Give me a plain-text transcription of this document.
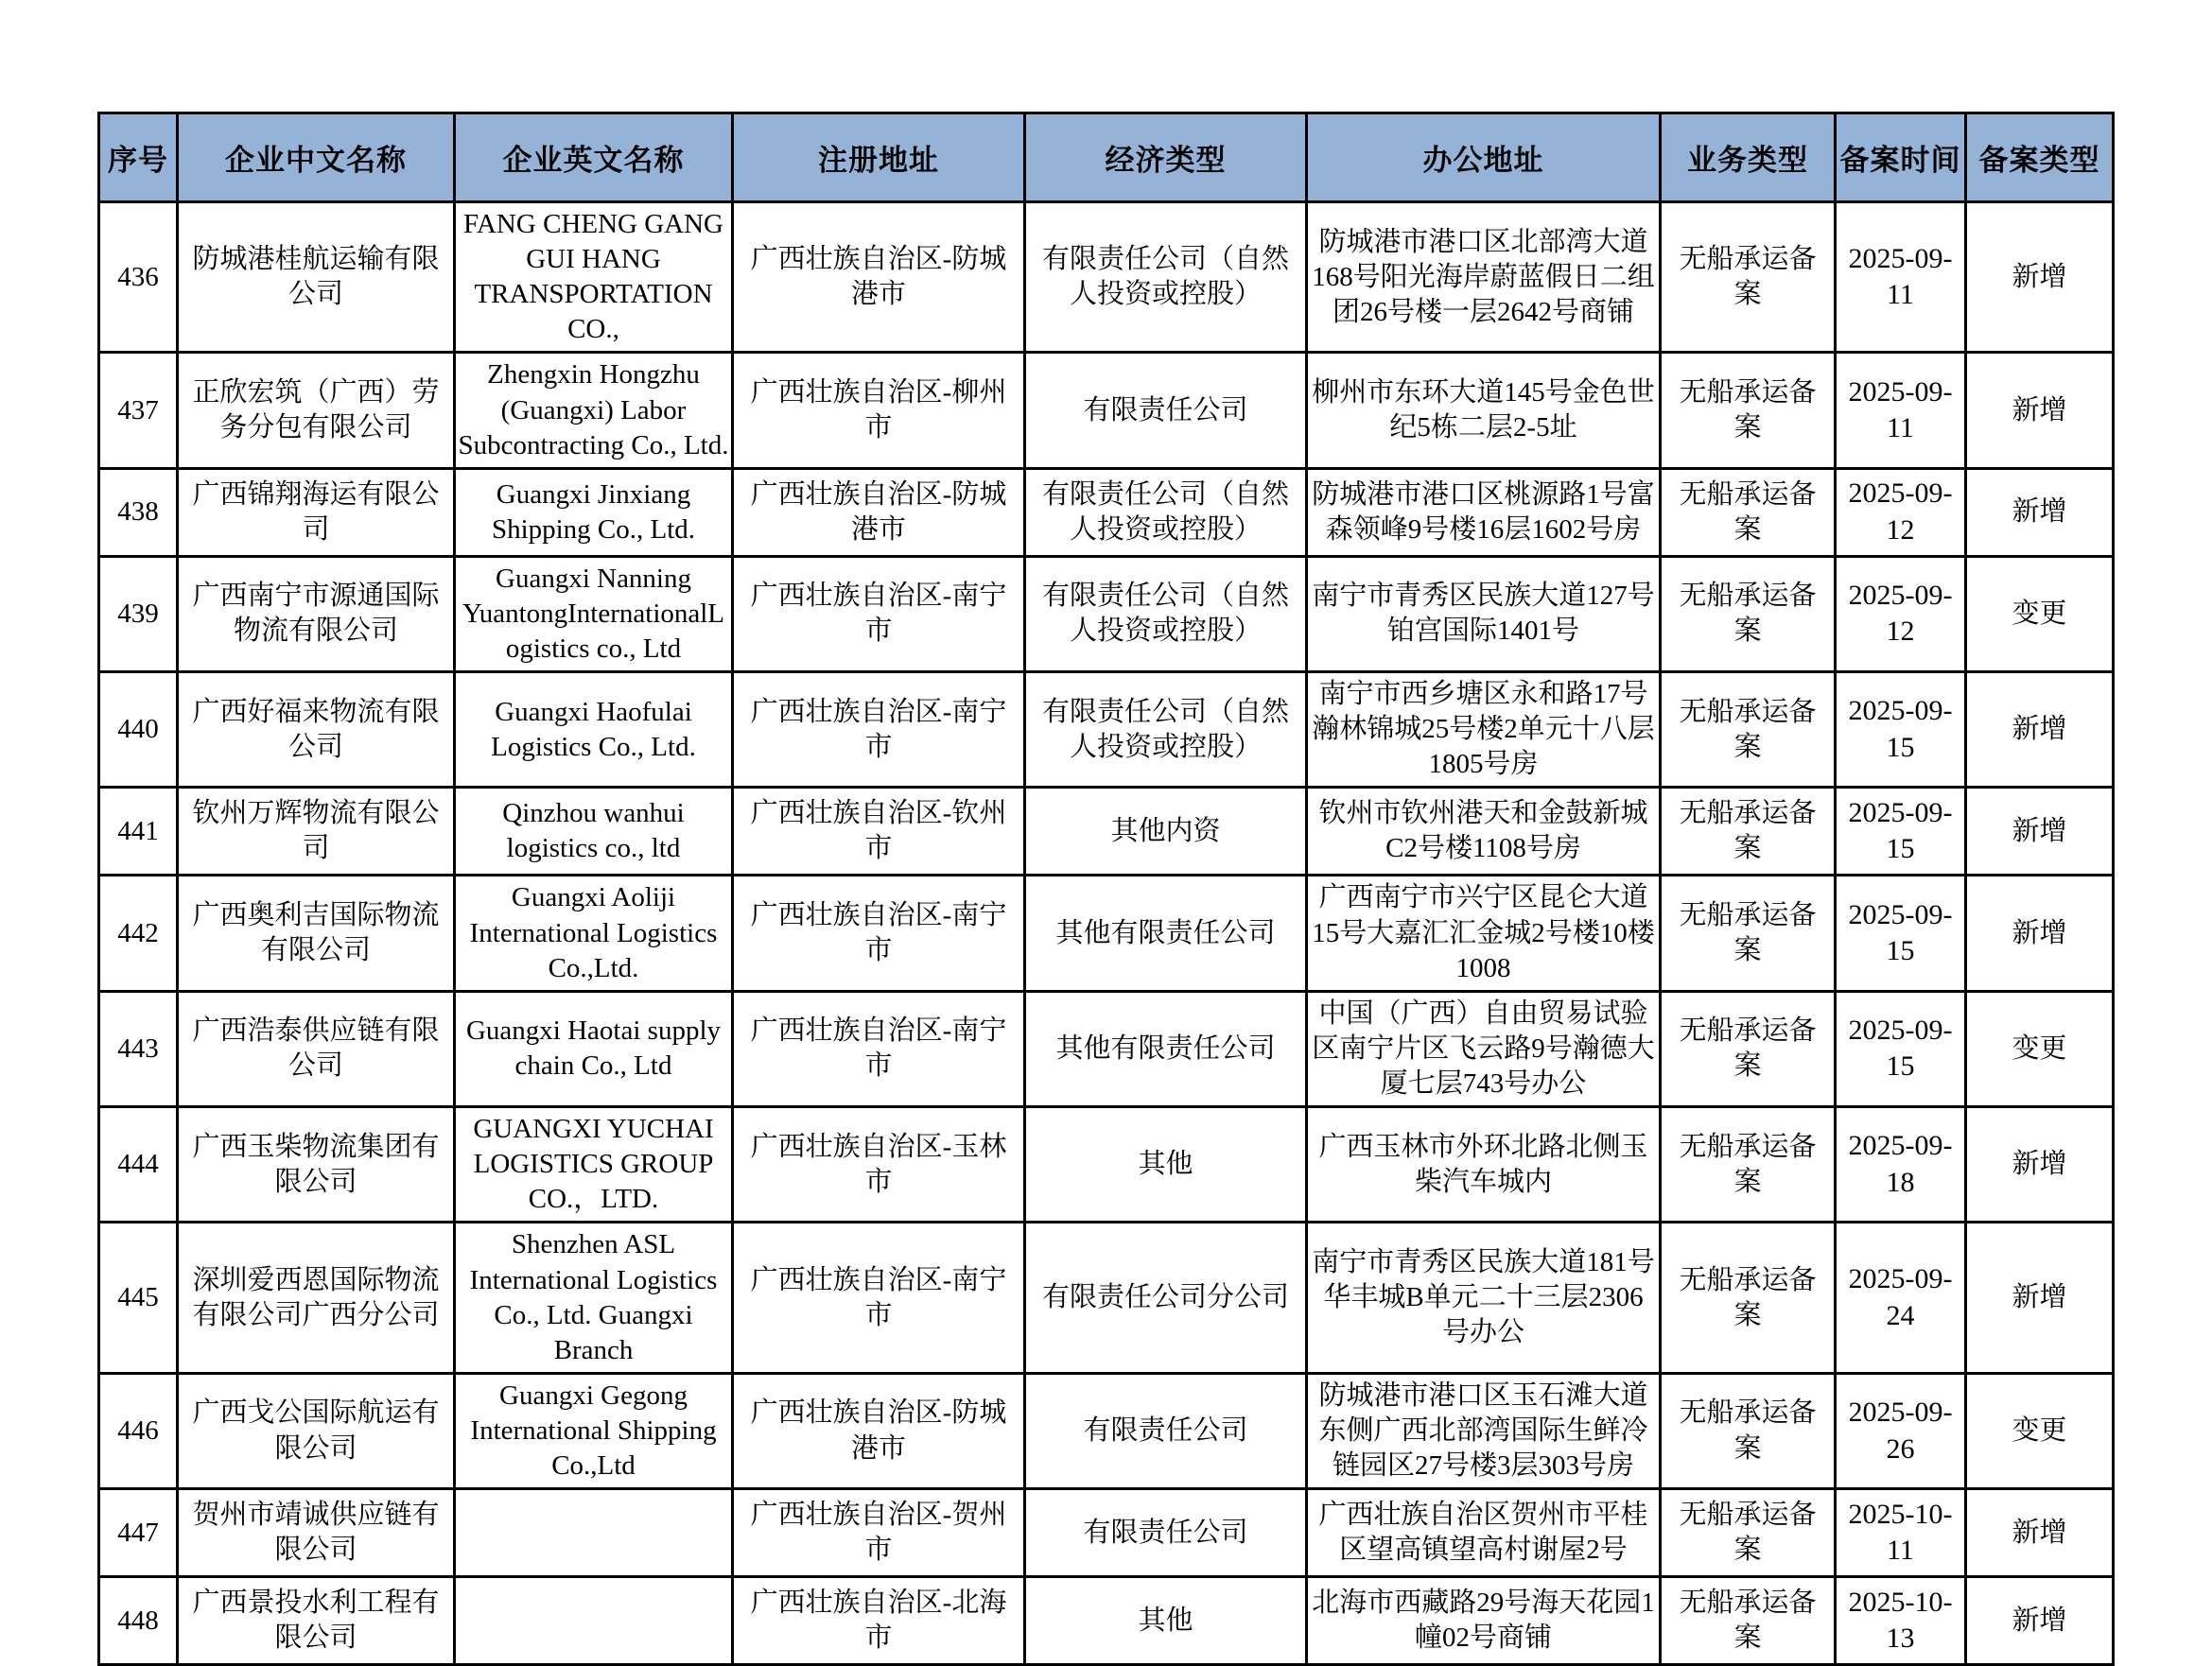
序号	企业中文名称	企业英文名称	注册地址	经济类型	办公地址	业务类型	备案时间	备案类型
436	防城港桂航运输有限公司	FANG CHENG GANG GUI HANG TRANSPORTATION CO.,	广西壮族自治区-防城港市	有限责任公司（自然人投资或控股）	防城港市港口区北部湾大道168号阳光海岸蔚蓝假日二组团26号楼一层2642号商铺	无船承运备案	2025-09-11	新增
437	正欣宏筑（广西）劳务分包有限公司	Zhengxin Hongzhu (Guangxi) Labor Subcontracting Co., Ltd.	广西壮族自治区-柳州市	有限责任公司	柳州市东环大道145号金色世纪5栋二层2-5址	无船承运备案	2025-09-11	新增
438	广西锦翔海运有限公司	Guangxi Jinxiang Shipping Co., Ltd.	广西壮族自治区-防城港市	有限责任公司（自然人投资或控股）	防城港市港口区桃源路1号富森领峰9号楼16层1602号房	无船承运备案	2025-09-12	新增
439	广西南宁市源通国际物流有限公司	Guangxi Nanning YuantongInternationalLogistics co., Ltd	广西壮族自治区-南宁市	有限责任公司（自然人投资或控股）	南宁市青秀区民族大道127号铂宫国际1401号	无船承运备案	2025-09-12	变更
440	广西好福来物流有限公司	Guangxi Haofulai Logistics Co., Ltd.	广西壮族自治区-南宁市	有限责任公司（自然人投资或控股）	南宁市西乡塘区永和路17号瀚林锦城25号楼2单元十八层1805号房	无船承运备案	2025-09-15	新增
441	钦州万辉物流有限公司	Qinzhou wanhui logistics co., ltd	广西壮族自治区-钦州市	其他内资	钦州市钦州港天和金鼓新城C2号楼1108号房	无船承运备案	2025-09-15	新增
442	广西奥利吉国际物流有限公司	Guangxi Aoliji International Logistics Co.,Ltd.	广西壮族自治区-南宁市	其他有限责任公司	广西南宁市兴宁区昆仑大道15号大嘉汇汇金城2号楼10楼1008	无船承运备案	2025-09-15	新增
443	广西浩泰供应链有限公司	Guangxi Haotai supply chain Co., Ltd	广西壮族自治区-南宁市	其他有限责任公司	中国（广西）自由贸易试验区南宁片区飞云路9号瀚德大厦七层743号办公	无船承运备案	2025-09-15	变更
444	广西玉柴物流集团有限公司	GUANGXI YUCHAI LOGISTICS GROUP CO.，LTD.	广西壮族自治区-玉林市	其他	广西玉林市外环北路北侧玉柴汽车城内	无船承运备案	2025-09-18	新增
445	深圳爱西恩国际物流有限公司广西分公司	Shenzhen ASL International Logistics Co., Ltd. Guangxi Branch	广西壮族自治区-南宁市	有限责任公司分公司	南宁市青秀区民族大道181号华丰城B单元二十三层2306号办公	无船承运备案	2025-09-24	新增
446	广西戈公国际航运有限公司	Guangxi Gegong International Shipping Co.,Ltd	广西壮族自治区-防城港市	有限责任公司	防城港市港口区玉石滩大道东侧广西北部湾国际生鲜冷链园区27号楼3层303号房	无船承运备案	2025-09-26	变更
447	贺州市靖诚供应链有限公司		广西壮族自治区-贺州市	有限责任公司	广西壮族自治区贺州市平桂区望高镇望高村谢屋2号	无船承运备案	2025-10-11	新增
448	广西景投水利工程有限公司		广西壮族自治区-北海市	其他	北海市西藏路29号海天花园1幢02号商铺	无船承运备案	2025-10-13	新增
